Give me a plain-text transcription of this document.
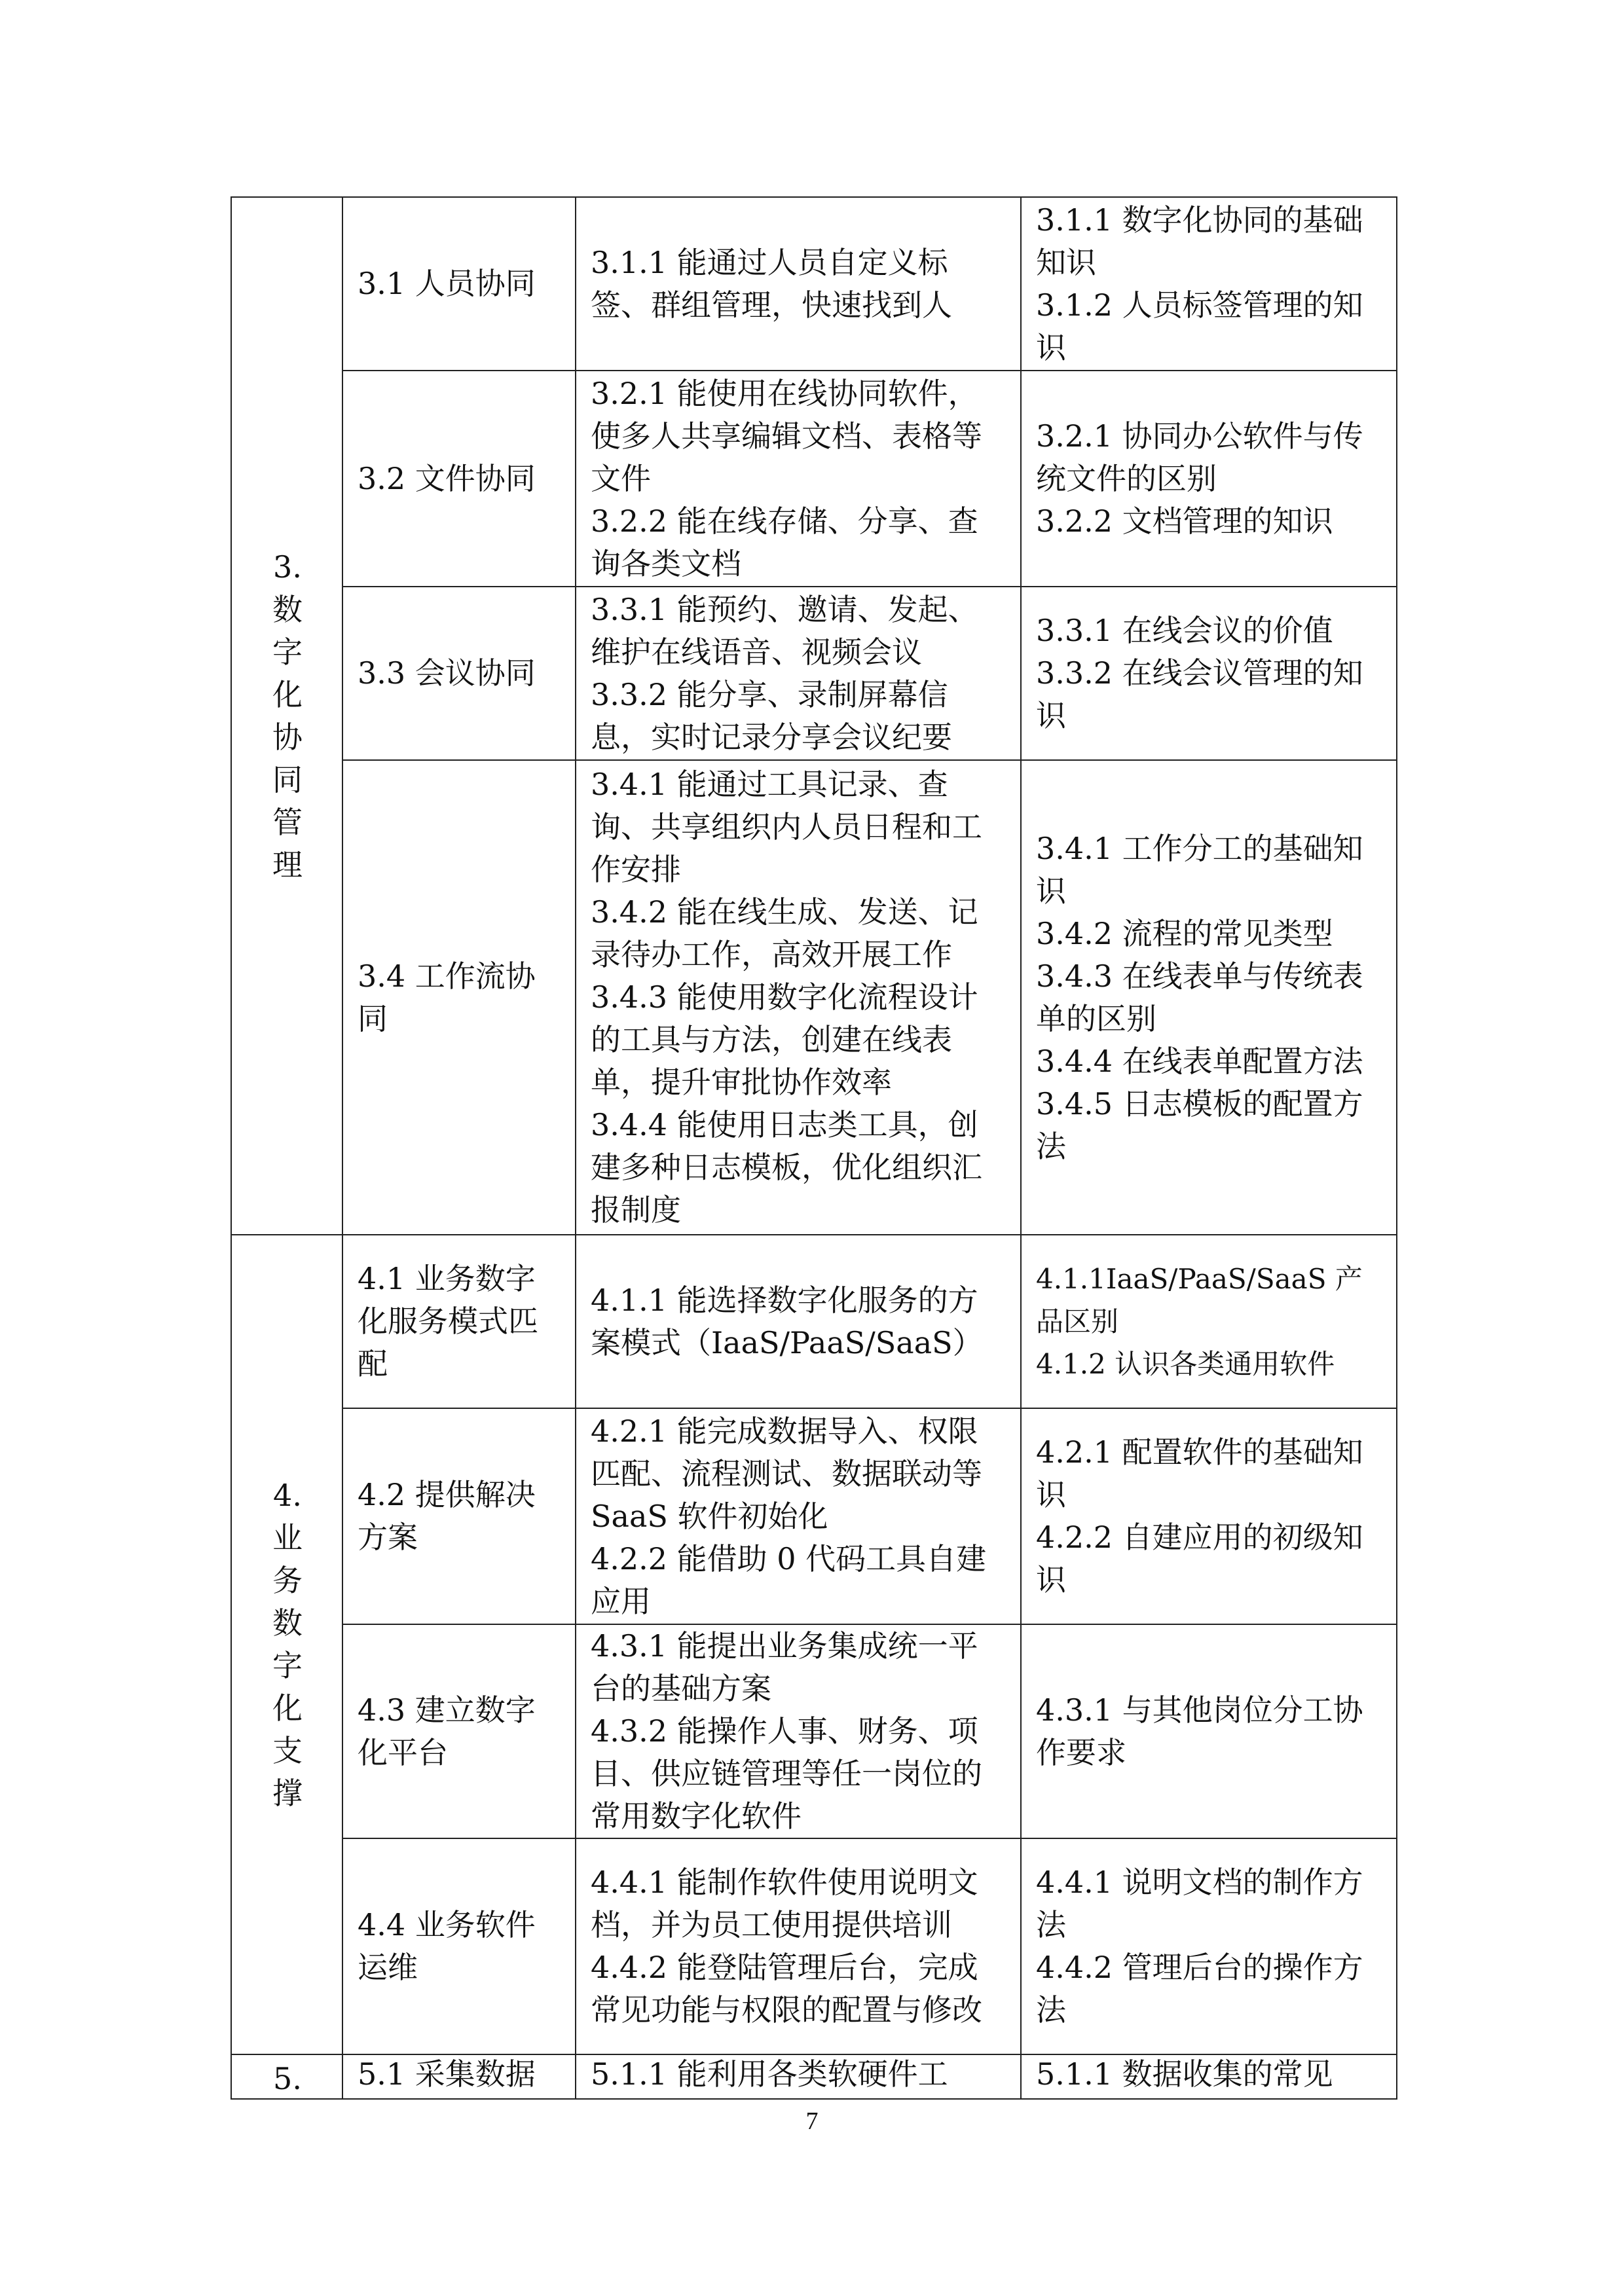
3.数字化协同管理	3.1 人员协同	3.1.1 能通过人员自定义标签、群组管理，快速找到人	3.1.1 数字化协同的基础知识
3.1.2 人员标签管理的知识

	3.2 文件协同	3.2.1 能使用在线协同软件，使多人共享编辑文档、表格等文件
3.2.2 能在线存储、分享、查询各类文档	3.2.1 协同办公软件与传统文件的区别
3.2.2 文档管理的知识

	3.3 会议协同	3.3.1 能预约、邀请、发起、维护在线语音、视频会议
3.3.2 能分享、录制屏幕信息，实时记录分享会议纪要	3.3.1 在线会议的价值
3.3.2 在线会议管理的知识

	3.4 工作流协同	3.4.1 能通过工具记录、查询、共享组织内人员日程和工作安排
3.4.2 能在线生成、发送、记录待办工作，高效开展工作
3.4.3 能使用数字化流程设计的工具与方法，创建在线表单，提升审批协作效率
3.4.4 能使用日志类工具，创建多种日志模板，优化组织汇报制度	3.4.1 工作分工的基础知识
3.4.2 流程的常见类型
3.4.3 在线表单与传统表单的区别
3.4.4 在线表单配置方法
3.4.5 日志模板的配置方法

4.业务数字化支撑	4.1 业务数字化服务模式匹配	4.1.1 能选择数字化服务的方案模式（IaaS/PaaS/SaaS）	4.1.1IaaS/PaaS/SaaS 产品区别
4.1.2 认识各类通用软件

	4.2 提供解决方案	4.2.1 能完成数据导入、权限匹配、流程测试、数据联动等 SaaS 软件初始化
4.2.2 能借助 0 代码工具自建应用	4.2.1 配置软件的基础知识
4.2.2 自建应用的初级知识

	4.3 建立数字化平台	4.3.1 能提出业务集成统一平台的基础方案
4.3.2 能操作人事、财务、项目、供应链管理等任一岗位的常用数字化软件	4.3.1 与其他岗位分工协作要求

	4.4 业务软件运维	4.4.1 能制作软件使用说明文档，并为员工使用提供培训
4.4.2 能登陆管理后台，完成常见功能与权限的配置与修改	4.4.1 说明文档的制作方法
4.4.2 管理后台的操作方法

5.	5.1 采集数据	5.1.1 能利用各类软硬件工	5.1.1 数据收集的常见
7
